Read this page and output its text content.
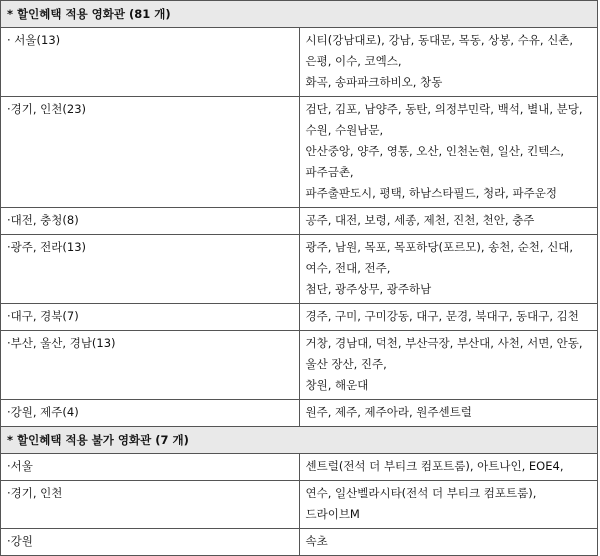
* 할인혜택 적용 영화관 (81 개)	
· 서울(13)	시티(강남대로), 강남, 동대문, 목동, 상봉, 수유, 신촌, 은평, 이수, 코엑스,
화곡, 송파파크하비오, 창동

·경기, 인천(23)	검단, 김포, 남양주, 동탄, 의정부민락, 백석, 별내, 분당, 수원, 수원남문,
안산중앙, 양주, 영통, 오산, 인천논현, 일산, 킨텍스, 파주금촌,
파주출판도시, 평택, 하남스타필드, 청라, 파주운정

·대전, 충청(8)	공주, 대전, 보령, 세종, 제천, 진천, 천안, 충주

·광주, 전라(13)	광주, 남원, 목포, 목포하당(포르모), 송천, 순천, 신대, 여수, 전대, 전주,
첨단, 광주상무, 광주하남

·대구, 경북(7)	경주, 구미, 구미강동, 대구, 문경, 북대구, 동대구, 김천

·부산, 울산, 경남(13)	거창, 경남대, 덕천, 부산극장, 부산대, 사천, 서면, 안동, 울산 장산, 진주,
창원, 해운대

·강원, 제주(4)	원주, 제주, 제주아라, 원주센트럴

* 할인혜택 적용 불가 영화관 (7 개)	
·서울	센트럴(전석 더 부티크 컴포트룸), 아트나인, EOE4,

·경기, 인천	연수, 일산벨라시타(전석 더 부티크 컴포트룸), 드라이브M

·강원	속초
